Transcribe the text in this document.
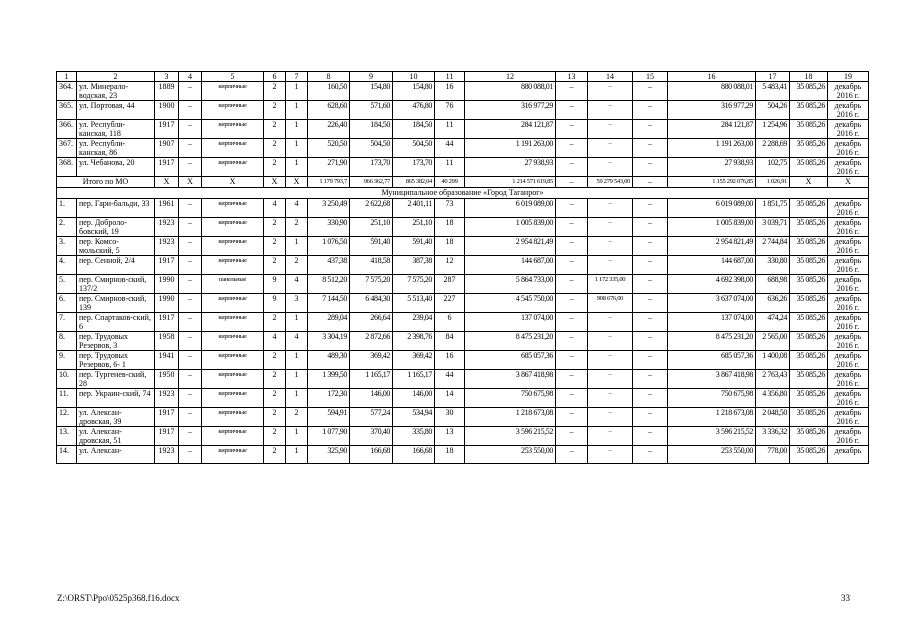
1	2	3	4	5	6	7	8	9	10	11	12	13	14	15	16	17	18	19
364.	ул. Минерало-водская, 23	1889	–	кирпичные	2	1	160,50	154,80	154,80	16	880 088,01	–	–	–	880 088,01	5 483,41	35 085,26	декабрь 2016 г.
365.	ул. Портовая, 44	1900	–	кирпичные	2	1	628,60	571,60	476,80	76	316 977,29	–	–	–	316 977,29	504,26	35 085,26	декабрь 2016 г.
366.	ул. Республи-канская, 118	1917	–	кирпичные	2	1	226,40	184,50	184,50	11	284 121,87	–	–	–	284 121,87	1 254,96	35 085,26	декабрь 2016 г.
367.	ул. Республи-канская, 86	1907	–	кирпичные	2	1	520,50	504,50	504,50	44	1 191 263,00	–	–	–	1 191 263,00	2 288,69	35 085,26	декабрь 2016 г.
368.	ул. Чебанова, 20	1917	–	кирпичные	2	1	271,90	173,70	173,70	11	27 938,93	–	–	–	27 938,93	102,75	35 085,26	декабрь 2016 г.
Итого по МО		Х	Х	Х	Х	Х	1 179 793,7	966 362,77	865 382,04	40 299	1 214 571 619,85	–	59 279 543,00	–	1 155 292 076,85	1 026,91	Х	Х
Муниципальное образование «Город Таганрог»																		
1.	пер. Гари-бальди, 33	1961	–	кирпичные	4	4	3 250,49	2 622,68	2 401,11	73	6 019 089,00	–	–	–	6 019 089,00	1 851,75	35 085,26	декабрь 2016 г.
2.	пер. Доброло-бовский, 19	1923	–	кирпичные	2	2	330,90	251,10	251,10	18	1 005 839,00	–	–	–	1 005 839,00	3 039,71	35 085,26	декабрь 2016 г.
3.	пер. Комсо-мольский, 5	1923	–	кирпичные	2	1	1 076,50	591,40	591,40	18	2 954 821,49	–	–	–	2 954 821,49	2 744,84	35 085,26	декабрь 2016 г.
4.	пер. Сенной, 2/4	1917	–	кирпичные	2	2	437,38	418,58	387,38	12	144 687,00	–	–	–	144 687,00	330,80	35 085,26	декабрь 2016 г.
5.	пер. Смирнов-ский, 137/2	1990	–	панельные	9	4	8 512,20	7 575,20	7 575,20	287	5 864 733,00	–	1 172 335,00	–	4 692 398,00	688,98	35 085,26	декабрь 2016 г.
6.	пер. Смирнов-ский, 139	1990	–	кирпичные	9	3	7 144,50	6 484,30	5 513,40	227	4 545 750,00	–	908 676,00	–	3 637 074,00	636,26	35 085,26	декабрь 2016 г.
7.	пер. Спартаков-ский, 6	1917	–	кирпичные	2	1	289,04	266,64	239,04	6	137 074,00	–	–	–	137 074,00	474,24	35 085,26	декабрь 2016 г.
8.	пер. Трудовых Резервов, 3	1958	–	кирпичные	4	4	3 304,19	2 872,66	2 398,76	84	8 475 231,20	–	–	–	8 475 231,20	2 565,00	35 085,26	декабрь 2016 г.
9.	пер. Трудовых Резервов, 6- 1	1941	–	кирпичные	2	1	489,30	369,42	369,42	16	685 057,36	–	–	–	685 057,36	1 400,08	35 085,26	декабрь 2016 г.
10.	пер. Тургенев-ский, 28	1950	–	кирпичные	2	1	1 399,50	1 165,17	1 165,17	44	3 867 418,98	–	–	–	3 867 418,98	2 763,43	35 085,26	декабрь 2016 г.
11.	пер. Украин-ский, 74	1923	–	кирпичные	2	1	172,30	146,00	146,00	14	750 675,98	–	–	–	750 675,98	4 356,80	35 085,26	декабрь 2016 г.
12.	ул. Алексан-дровская, 39	1917	–	кирпичные	2	2	594,91	577,24	534,94	30	1 218 673,08	–	–	–	1 218 673,08	2 048,50	35 085,26	декабрь 2016 г.
13.	ул. Алексан-дровская, 51	1917	–	кирпичные	2	1	1 077,90	370,40	335,80	13	3 596 215,52	–	–	–	3 596 215,52	3 336,32	35 085,26	декабрь 2016 г.
14.	ул. Алексан-	1923	–	кирпичные	2	1	325,90	166,68	166,68	18	253 550,00	–	–	–	253 550,00	778,00	35 085,26	декабрь
Z:\ORST\Ppo\0525p368.f16.docx	33
